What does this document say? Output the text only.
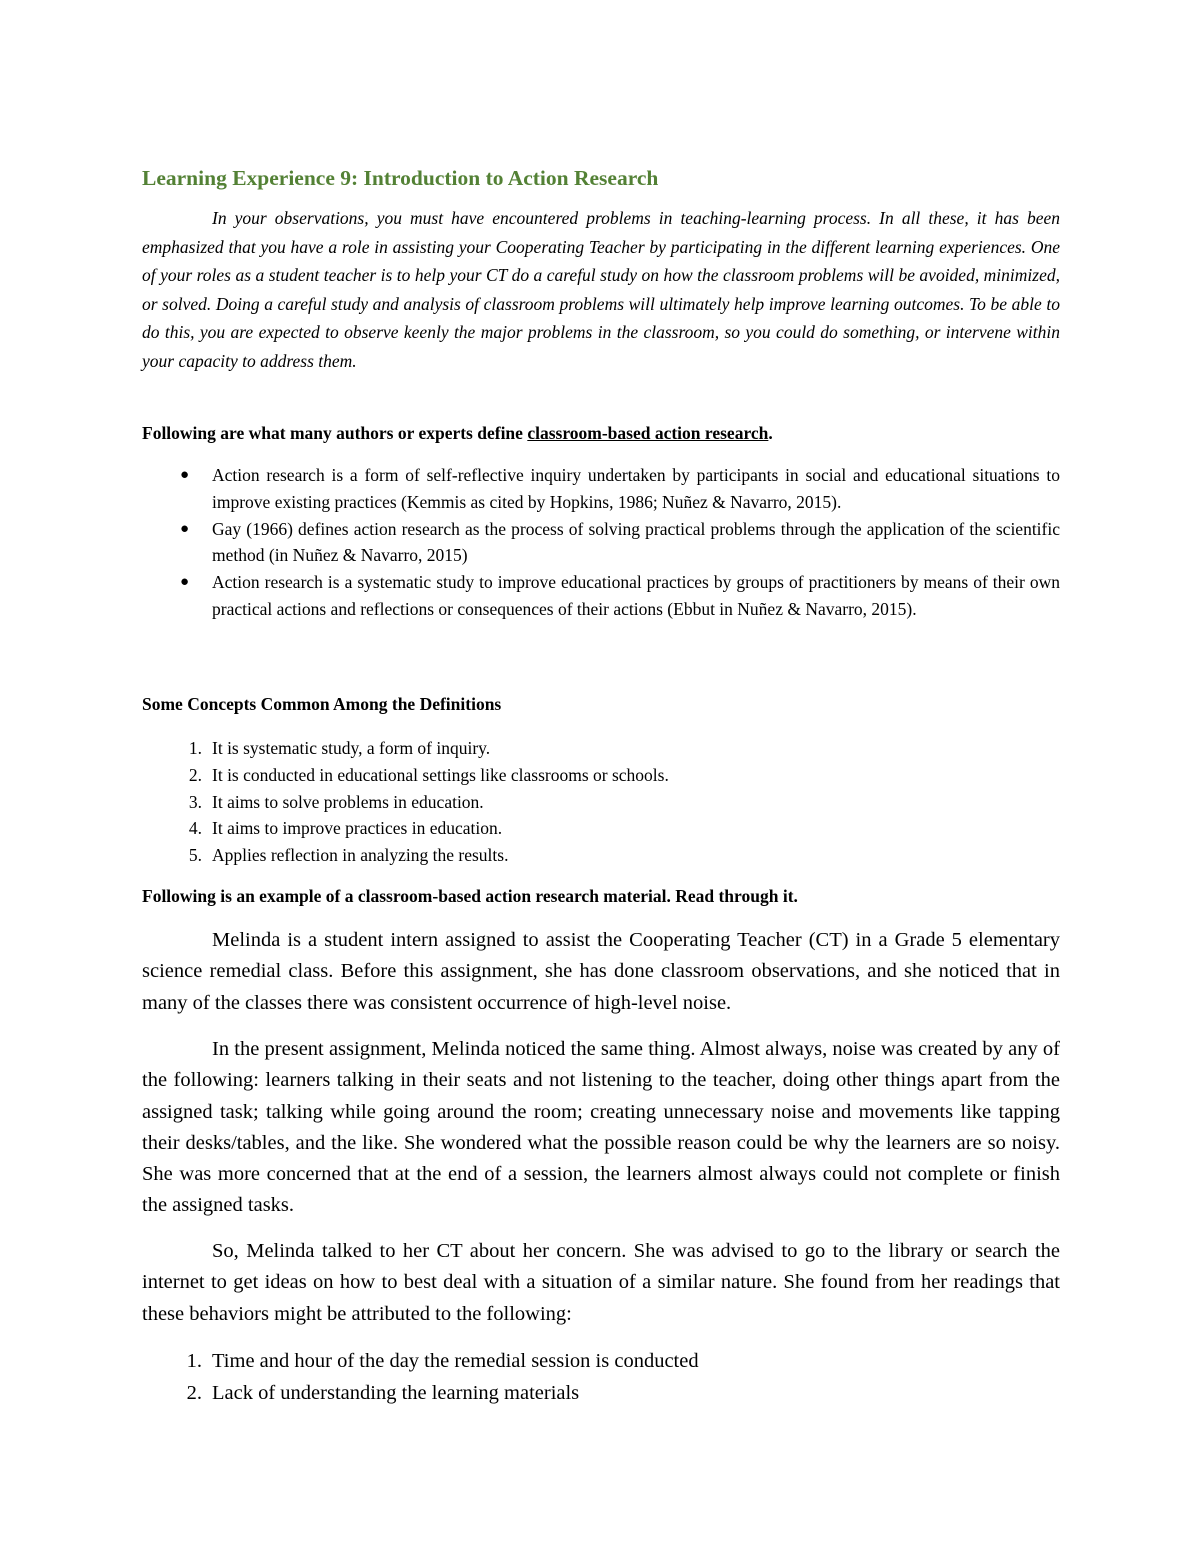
Learning Experience 9: Introduction to Action Research

In your observations, you must have encountered problems in teaching-learning process. In all these, it has been emphasized that you have a role in assisting your Cooperating Teacher by participating in the different learning experiences. One of your roles as a student teacher is to help your CT do a careful study on how the classroom problems will be avoided, minimized, or solved. Doing a careful study and analysis of classroom problems will ultimately help improve learning outcomes. To be able to do this, you are expected to observe keenly the major problems in the classroom, so you could do something, or intervene within your capacity to address them.

Following are what many authors or experts define classroom-based action research.

● Action research is a form of self-reflective inquiry undertaken by participants in social and educational situations to improve existing practices (Kemmis as cited by Hopkins, 1986; Nuñez & Navarro, 2015).
● Gay (1966) defines action research as the process of solving practical problems through the application of the scientific method (in Nuñez & Navarro, 2015)
● Action research is a systematic study to improve educational practices by groups of practitioners by means of their own practical actions and reflections or consequences of their actions (Ebbut in Nuñez & Navarro, 2015).

Some Concepts Common Among the Definitions

1. It is systematic study, a form of inquiry.
2. It is conducted in educational settings like classrooms or schools.
3. It aims to solve problems in education.
4. It aims to improve practices in education.
5. Applies reflection in analyzing the results.

Following is an example of a classroom-based action research material. Read through it.

Melinda is a student intern assigned to assist the Cooperating Teacher (CT) in a Grade 5 elementary science remedial class. Before this assignment, she has done classroom observations, and she noticed that in many of the classes there was consistent occurrence of high-level noise.

In the present assignment, Melinda noticed the same thing. Almost always, noise was created by any of the following: learners talking in their seats and not listening to the teacher, doing other things apart from the assigned task; talking while going around the room; creating unnecessary noise and movements like tapping their desks/tables, and the like. She wondered what the possible reason could be why the learners are so noisy. She was more concerned that at the end of a session, the learners almost always could not complete or finish the assigned tasks.

So, Melinda talked to her CT about her concern. She was advised to go to the library or search the internet to get ideas on how to best deal with a situation of a similar nature. She found from her readings that these behaviors might be attributed to the following:

1. Time and hour of the day the remedial session is conducted
2. Lack of understanding the learning materials
